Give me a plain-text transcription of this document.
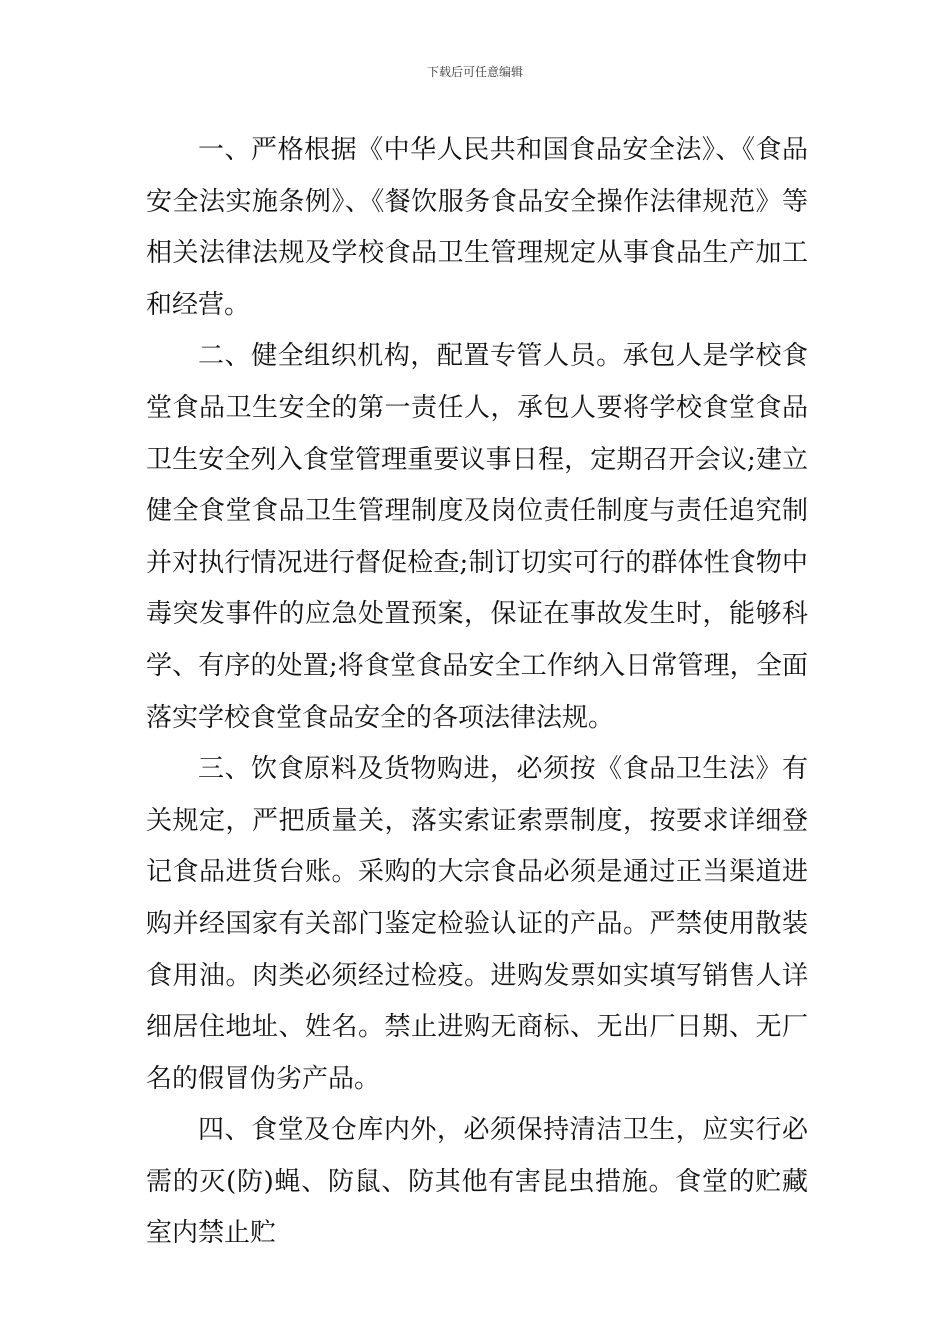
下载后可任意编辑

一、严格根据《中华人民共和国食品安全法》、《食品安全法实施条例》、《餐饮服务食品安全操作法律规范》等相关法律法规及学校食品卫生管理规定从事食品生产加工和经营。

二、健全组织机构，配置专管人员。承包人是学校食堂食品卫生安全的第一责任人，承包人要将学校食堂食品卫生安全列入食堂管理重要议事日程，定期召开会议;建立健全食堂食品卫生管理制度及岗位责任制度与责任追究制并对执行情况进行督促检查;制订切实可行的群体性食物中毒突发事件的应急处置预案，保证在事故发生时，能够科学、有序的处置;将食堂食品安全工作纳入日常管理，全面落实学校食堂食品安全的各项法律法规。

三、饮食原料及货物购进，必须按《食品卫生法》有关规定，严把质量关，落实索证索票制度，按要求详细登记食品进货台账。采购的大宗食品必须是通过正当渠道进购并经国家有关部门鉴定检验认证的产品。严禁使用散装食用油。肉类必须经过检疫。进购发票如实填写销售人详细居住地址、姓名。禁止进购无商标、无出厂日期、无厂名的假冒伪劣产品。

四、食堂及仓库内外，必须保持清洁卫生，应实行必需的灭(防)蝇、防鼠、防其他有害昆虫措施。食堂的贮藏室内禁止贮
